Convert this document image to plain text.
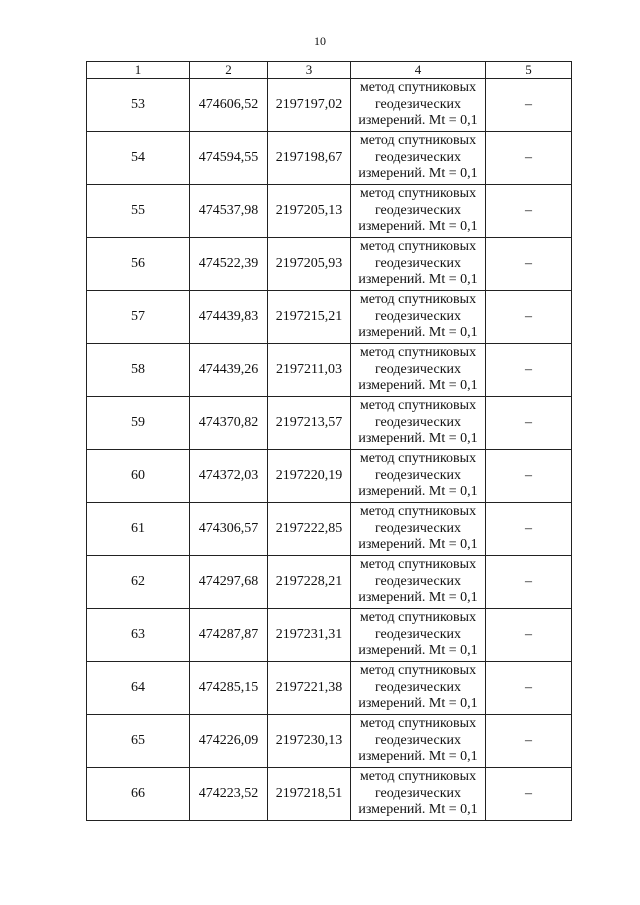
10
1	2	3	4	5
53	474606,52	2197197,02	метод спутниковых
геодезических
измерений. Mt = 0,1	–
54	474594,55	2197198,67	метод спутниковых
геодезических
измерений. Mt = 0,1	–
55	474537,98	2197205,13	метод спутниковых
геодезических
измерений. Mt = 0,1	–
56	474522,39	2197205,93	метод спутниковых
геодезических
измерений. Mt = 0,1	–
57	474439,83	2197215,21	метод спутниковых
геодезических
измерений. Mt = 0,1	–
58	474439,26	2197211,03	метод спутниковых
геодезических
измерений. Mt = 0,1	–
59	474370,82	2197213,57	метод спутниковых
геодезических
измерений. Mt = 0,1	–
60	474372,03	2197220,19	метод спутниковых
геодезических
измерений. Mt = 0,1	–
61	474306,57	2197222,85	метод спутниковых
геодезических
измерений. Mt = 0,1	–
62	474297,68	2197228,21	метод спутниковых
геодезических
измерений. Mt = 0,1	–
63	474287,87	2197231,31	метод спутниковых
геодезических
измерений. Mt = 0,1	–
64	474285,15	2197221,38	метод спутниковых
геодезических
измерений. Mt = 0,1	–
65	474226,09	2197230,13	метод спутниковых
геодезических
измерений. Mt = 0,1	–
66	474223,52	2197218,51	метод спутниковых
геодезических
измерений. Mt = 0,1	–
